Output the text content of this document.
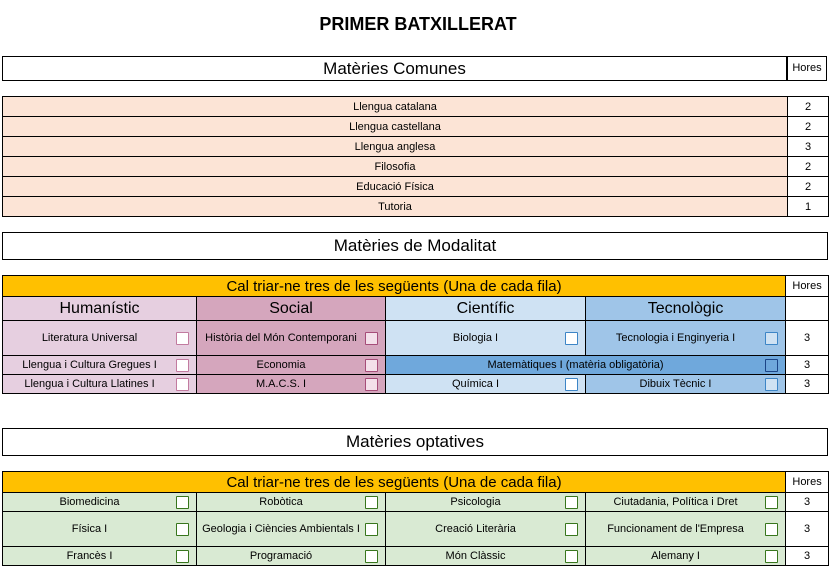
PRIMER BATXILLERAT
Matèries Comunes	Hores
Llengua catalana	2
Llengua castellana	2
Llengua anglesa	3
Filosofia	2
Educació Física	2
Tutoria	1
Matèries de Modalitat
Cal triar-ne tres de les següents (Una de cada fila)				Hores
Humanístic	Social	Científic	Tecnològic	

Literatura Universal	Història del Món Contemporani	Biologia I	Tecnologia i Enginyeria I	3

Llengua i Cultura Gregues I	Economia	Matemàtiques I (matèria obligatòria)		3

Llengua i Cultura Llatines I	M.A.C.S. I	Química I	Dibuix Tècnic I	3
Matèries optatives
Cal triar-ne tres de les següents (Una de cada fila)				Hores

Biomedicina	Robòtica	Psicologia	Ciutadania, Política i Dret	3

Física I	Geologia i Ciències Ambientals I	Creació Literària	Funcionament de l'Empresa	3

Francès I	Programació	Món Clàssic	Alemany I	3
